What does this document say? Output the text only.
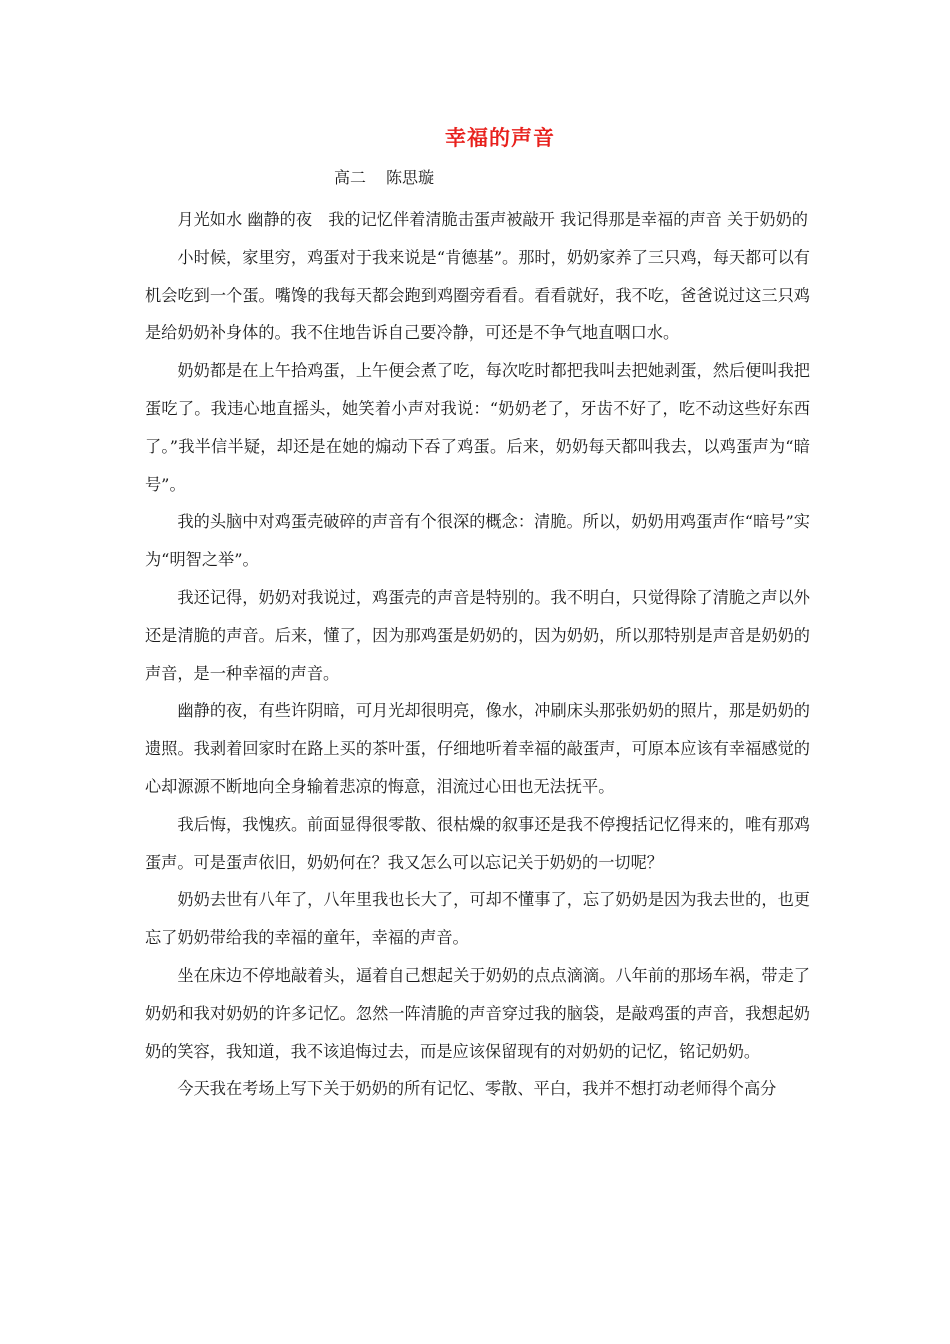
幸福的声音
高二 陈思璇

月光如水 幽静的夜　我的记忆伴着清脆击蛋声被敲开 我记得那是幸福的声音 关于奶奶的

小时候，家里穷，鸡蛋对于我来说是“肯德基”。那时，奶奶家养了三只鸡，每天都可以有机会吃到一个蛋。嘴馋的我每天都会跑到鸡圈旁看看。看看就好，我不吃，爸爸说过这三只鸡是给奶奶补身体的。我不住地告诉自己要冷静，可还是不争气地直咽口水。

奶奶都是在上午拾鸡蛋，上午便会煮了吃，每次吃时都把我叫去把她剥蛋，然后便叫我把蛋吃了。我违心地直摇头，她笑着小声对我说：“奶奶老了，牙齿不好了，吃不动这些好东西了。”我半信半疑，却还是在她的煽动下吞了鸡蛋。后来，奶奶每天都叫我去，以鸡蛋声为“暗号”。

我的头脑中对鸡蛋壳破碎的声音有个很深的概念：清脆。所以，奶奶用鸡蛋声作“暗号”实为“明智之举”。

我还记得，奶奶对我说过，鸡蛋壳的声音是特别的。我不明白，只觉得除了清脆之声以外还是清脆的声音。后来，懂了，因为那鸡蛋是奶奶的，因为奶奶，所以那特别是声音是奶奶的声音，是一种幸福的声音。

幽静的夜，有些许阴暗，可月光却很明亮，像水，冲刷床头那张奶奶的照片，那是奶奶的遗照。我剥着回家时在路上买的茶叶蛋，仔细地听着幸福的敲蛋声，可原本应该有幸福感觉的心却源源不断地向全身输着悲凉的悔意，泪流过心田也无法抚平。

我后悔，我愧疚。前面显得很零散、很枯燥的叙事还是我不停搜括记忆得来的，唯有那鸡蛋声。可是蛋声依旧，奶奶何在？我又怎么可以忘记关于奶奶的一切呢？

奶奶去世有八年了，八年里我也长大了，可却不懂事了，忘了奶奶是因为我去世的，也更忘了奶奶带给我的幸福的童年，幸福的声音。

坐在床边不停地敲着头，逼着自己想起关于奶奶的点点滴滴。八年前的那场车祸，带走了奶奶和我对奶奶的许多记忆。忽然一阵清脆的声音穿过我的脑袋，是敲鸡蛋的声音，我想起奶奶的笑容，我知道，我不该追悔过去，而是应该保留现有的对奶奶的记忆，铭记奶奶。

今天我在考场上写下关于奶奶的所有记忆、零散、平白，我并不想打动老师得个高分
